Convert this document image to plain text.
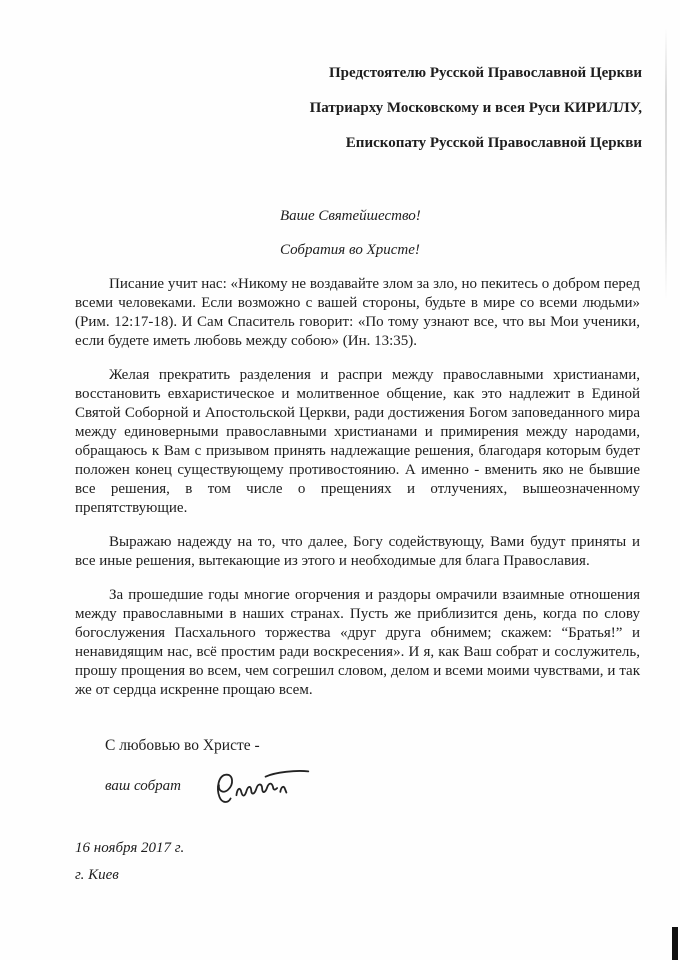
Предстоятелю Русской Православной Церкви
Патриарху Московскому и всея Руси КИРИЛЛУ,
Епископату Русской Православной Церкви
Ваше Святейшество!
Собратия во Христе!

Писание учит нас: «Никому не воздавайте злом за зло, но пекитесь о добром перед всеми человеками. Если возможно с вашей стороны, будьте в мире со всеми людьми» (Рим. 12:17-18). И Сам Спаситель говорит: «По тому узнают все, что вы Мои ученики, если будете иметь любовь между собою» (Ин. 13:35).

Желая прекратить разделения и распри между православными христианами, восстановить евхаристическое и молитвенное общение, как это надлежит в Единой Святой Соборной и Апостольской Церкви, ради достижения Богом заповеданного мира между единоверными православными христианами и примирения между народами, обращаюсь к Вам с призывом принять надлежащие решения, благодаря которым будет положен конец существующему противостоянию. А именно - вменить яко не бывшие все решения, в том числе о прещениях и отлучениях, вышеозначенному препятствующие.

Выражаю надежду на то, что далее, Богу содействующу, Вами будут приняты и все иные решения, вытекающие из этого и необходимые для блага Православия.

За прошедшие годы многие огорчения и раздоры омрачили взаимные отношения между православными в наших странах. Пусть же приблизится день, когда по слову богослужения Пасхального торжества «друг друга обнимем; скажем: “Братья!” и ненавидящим нас, всё простим ради воскресения». И я, как Ваш собрат и сослужитель, прошу прощения во всем, чем согрешил словом, делом и всеми моими чувствами, и так же от сердца искренне прощаю всем.

С любовью во Христе -
ваш собрат
16 ноября 2017 г.
г. Киев
